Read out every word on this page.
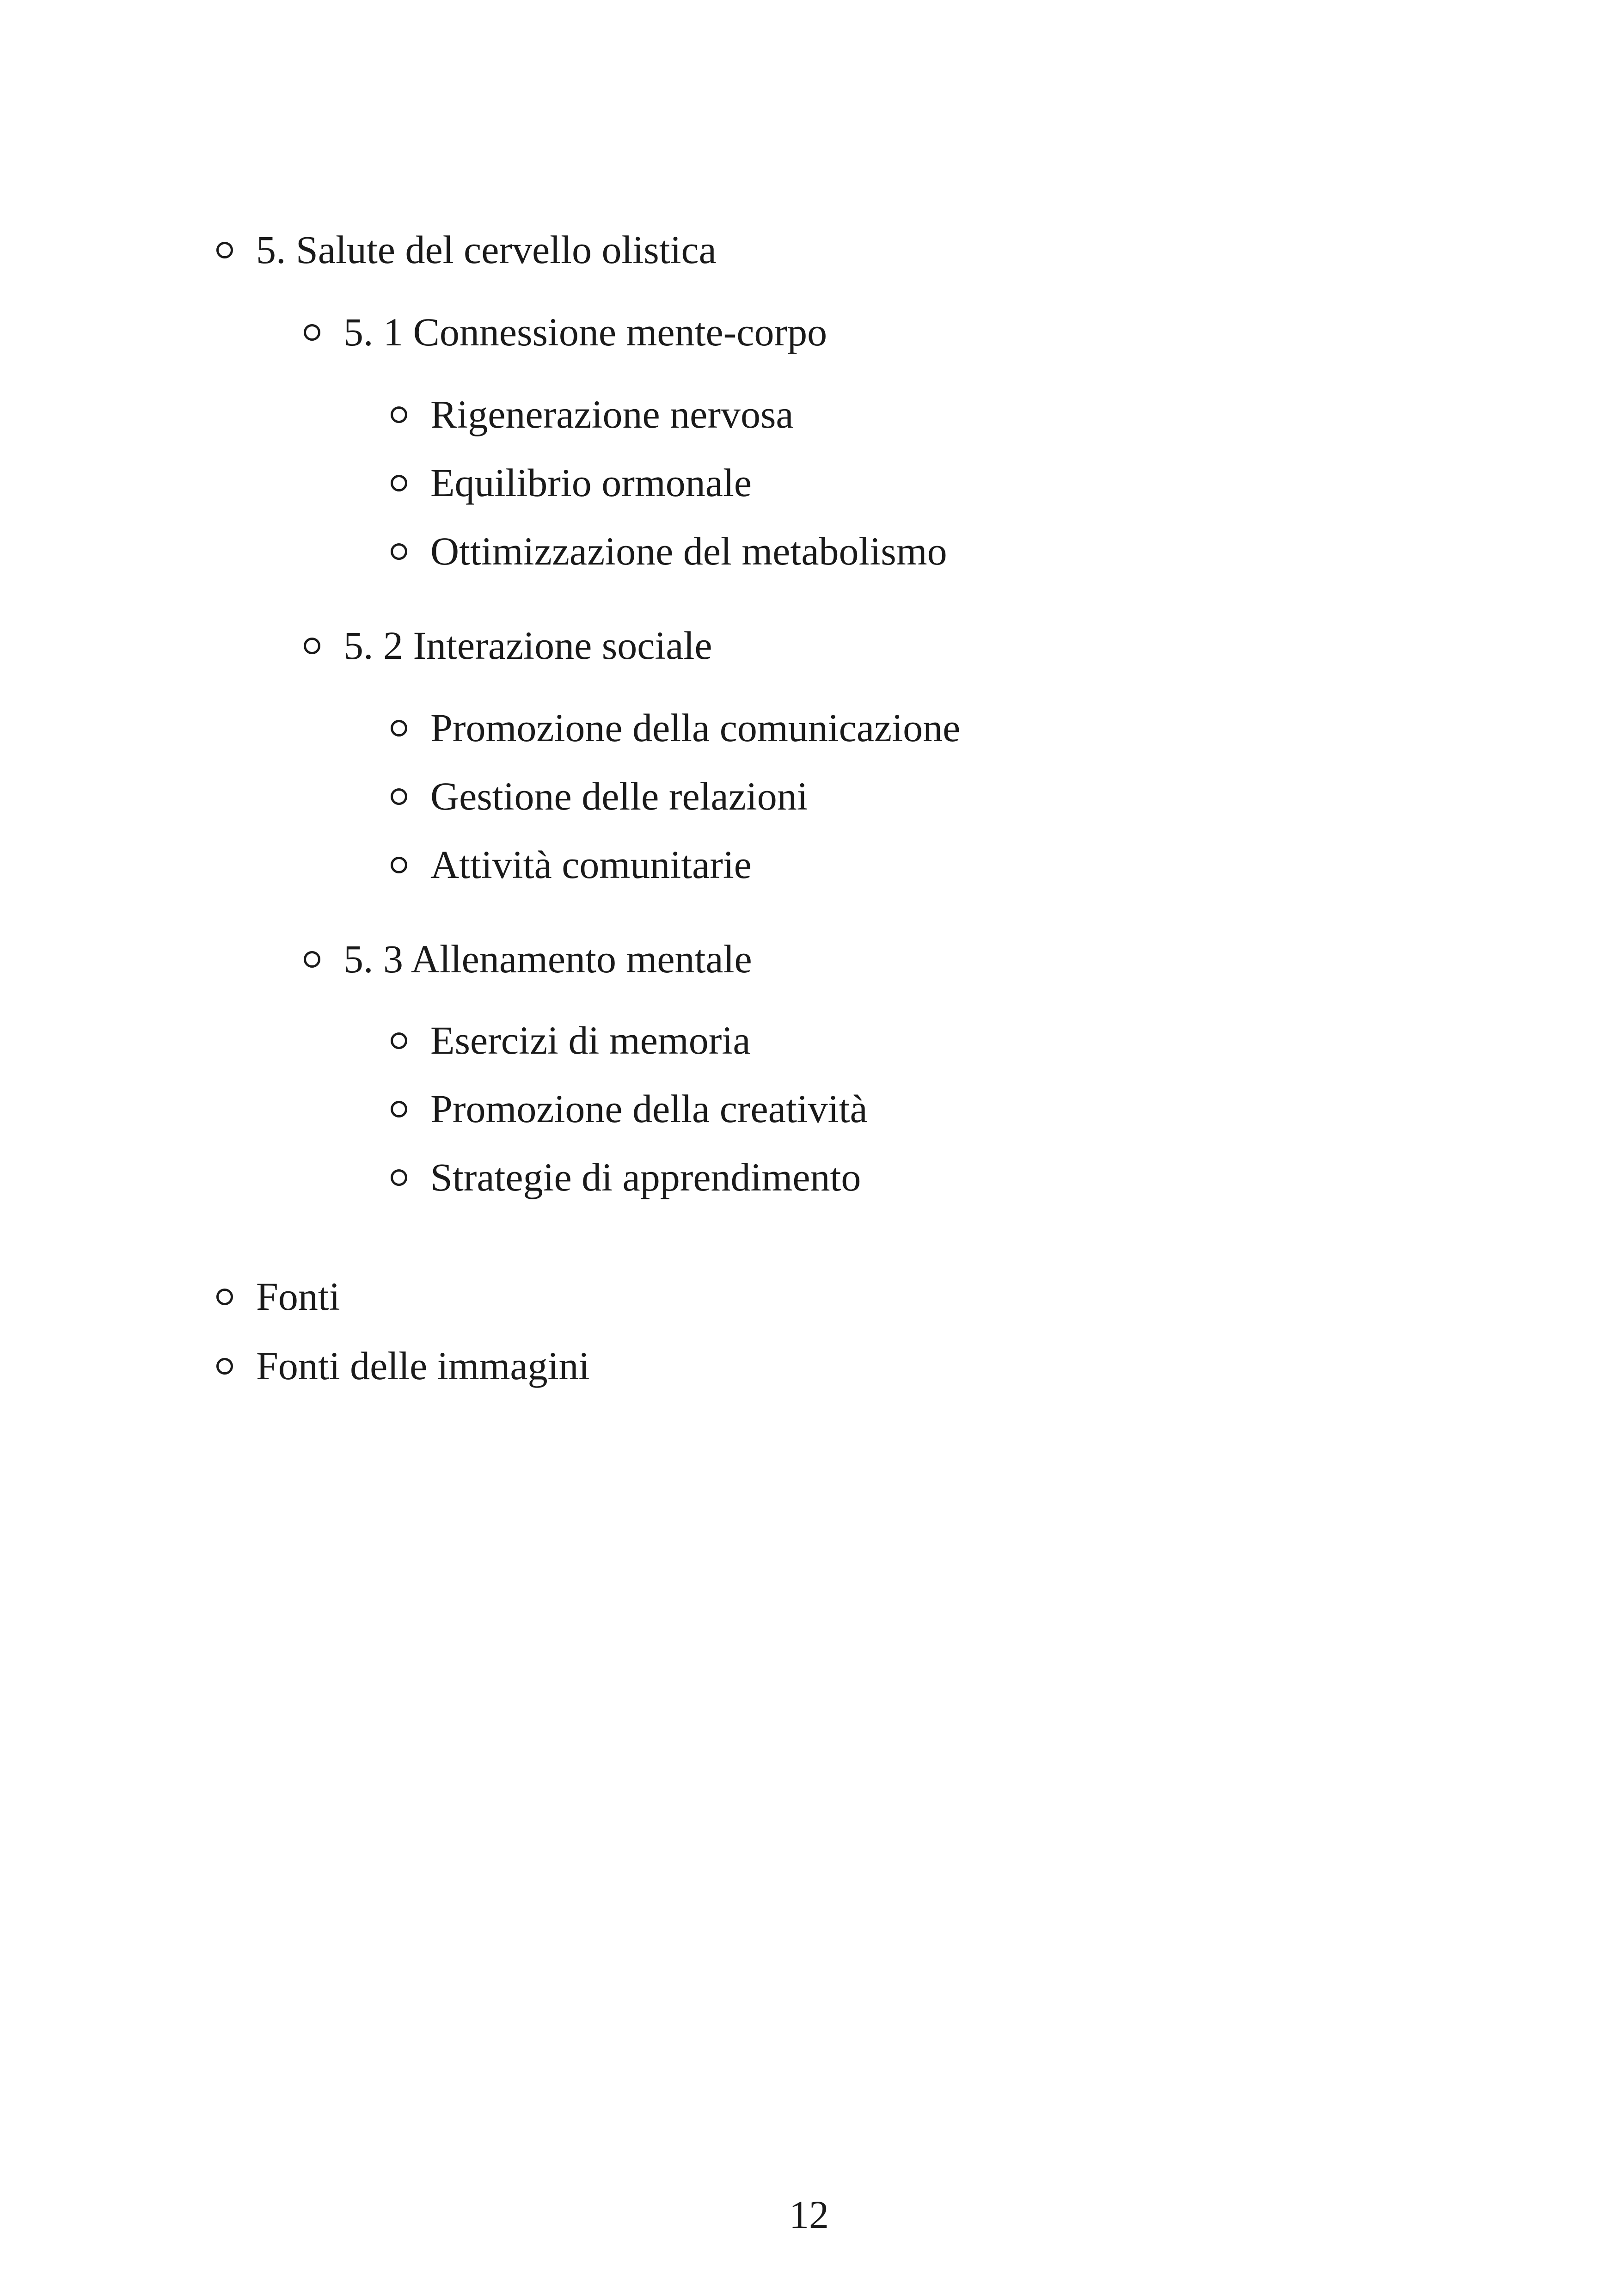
5. Salute del cervello olistica
5. 1 Connessione mente-corpo
Rigenerazione nervosa
Equilibrio ormonale
Ottimizzazione del metabolismo
5. 2 Interazione sociale
Promozione della comunicazione
Gestione delle relazioni
Attività comunitarie
5. 3 Allenamento mentale
Esercizi di memoria
Promozione della creatività
Strategie di apprendimento
Fonti
Fonti delle immagini
12
